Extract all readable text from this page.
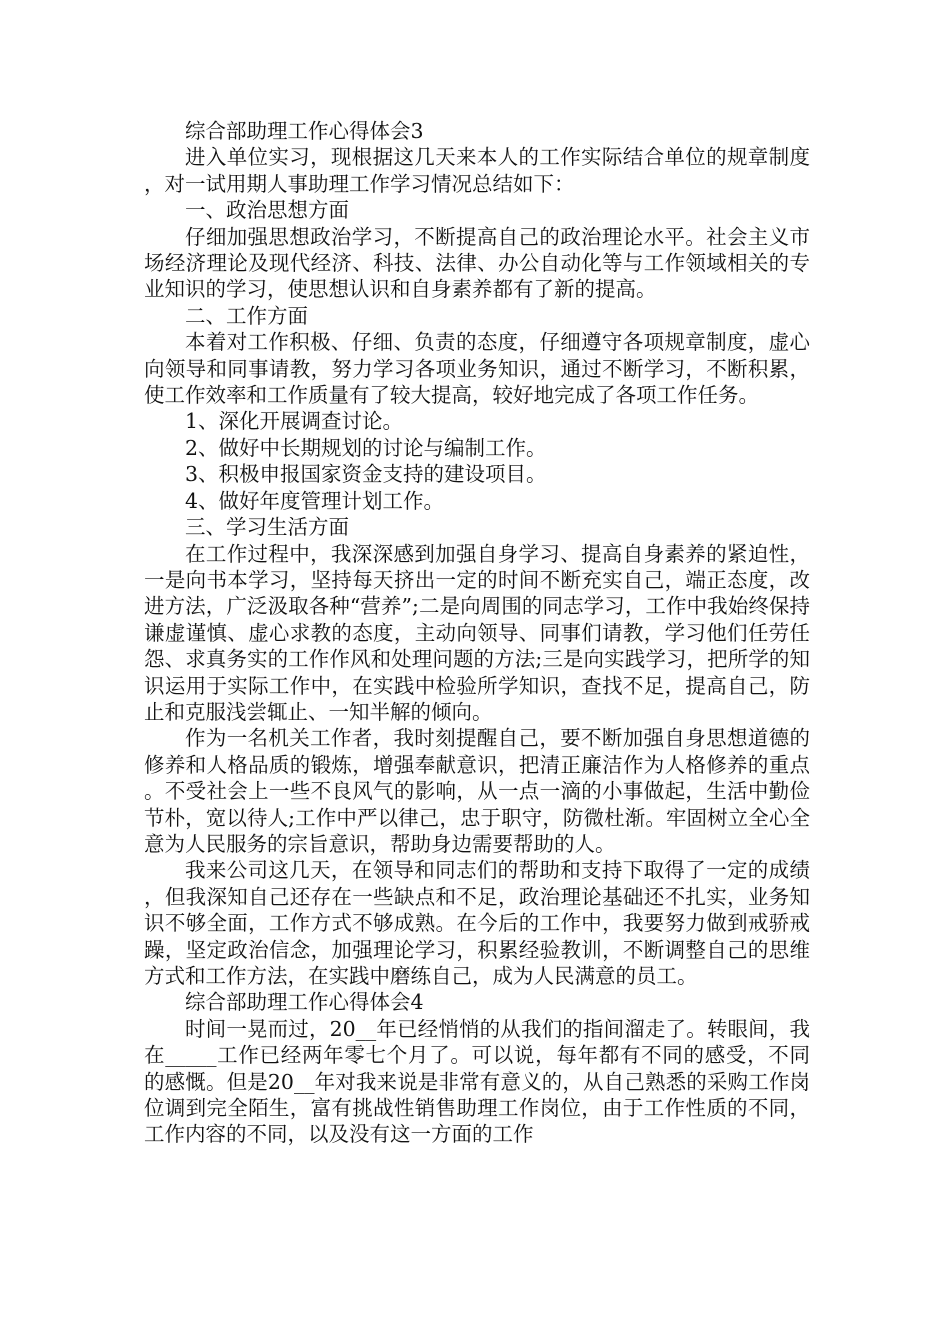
综合部助理工作心得体会3

进入单位实习，现根据这几天来本人的工作实际结合单位的规章制度，对一试用期人事助理工作学习情况总结如下：

一、政治思想方面

仔细加强思想政治学习，不断提高自己的政治理论水平。社会主义市场经济理论及现代经济、科技、法律、办公自动化等与工作领域相关的专业知识的学习，使思想认识和自身素养都有了新的提高。

二、工作方面

本着对工作积极、仔细、负责的态度，仔细遵守各项规章制度，虚心向领导和同事请教，努力学习各项业务知识，通过不断学习，不断积累，使工作效率和工作质量有了较大提高，较好地完成了各项工作任务。

1、深化开展调查讨论。

2、做好中长期规划的讨论与编制工作。

3、积极申报国家资金支持的建设项目。

4、做好年度管理计划工作。

三、学习生活方面

在工作过程中，我深深感到加强自身学习、提高自身素养的紧迫性，一是向书本学习，坚持每天挤出一定的时间不断充实自己，端正态度，改进方法，广泛汲取各种“营养”;二是向周围的同志学习，工作中我始终保持谦虚谨慎、虚心求教的态度，主动向领导、同事们请教，学习他们任劳任怨、求真务实的工作作风和处理问题的方法;三是向实践学习，把所学的知识运用于实际工作中，在实践中检验所学知识，查找不足，提高自己，防止和克服浅尝辄止、一知半解的倾向。

作为一名机关工作者，我时刻提醒自己，要不断加强自身思想道德的修养和人格品质的锻炼，增强奉献意识，把清正廉洁作为人格修养的重点。不受社会上一些不良风气的影响，从一点一滴的小事做起，生活中勤俭节朴，宽以待人;工作中严以律己，忠于职守，防微杜渐。牢固树立全心全意为人民服务的宗旨意识，帮助身边需要帮助的人。

我来公司这几天，在领导和同志们的帮助和支持下取得了一定的成绩，但我深知自己还存在一些缺点和不足，政治理论基础还不扎实，业务知识不够全面，工作方式不够成熟。在今后的工作中，我要努力做到戒骄戒躁，坚定政治信念，加强理论学习，积累经验教训，不断调整自己的思维方式和工作方法，在实践中磨练自己，成为人民满意的员工。

综合部助理工作心得体会4

时间一晃而过，20__年已经悄悄的从我们的指间溜走了。转眼间，我在_____工作已经两年零七个月了。可以说，每年都有不同的感受，不同的感慨。但是20__年对我来说是非常有意义的，从自己熟悉的采购工作岗位调到完全陌生，富有挑战性销售助理工作岗位，由于工作性质的不同，工作内容的不同，以及没有这一方面的工作
